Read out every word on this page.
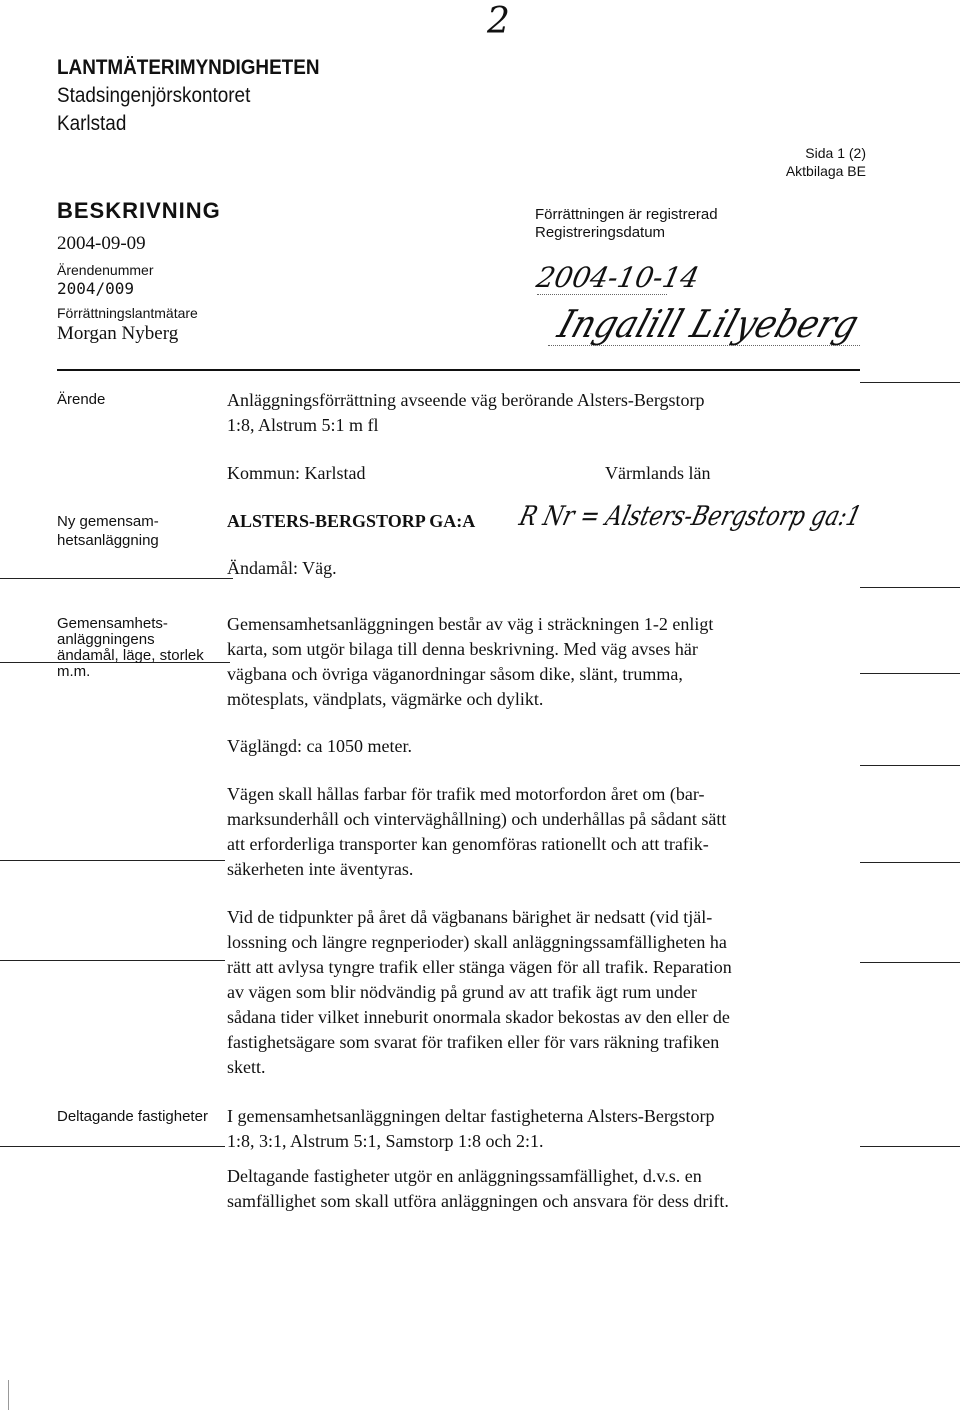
2
LANTMÄTERIMYNDIGHETEN
Stadsingenjörskontoret
Karlstad
Sida 1 (2)
Aktbilaga BE
BESKRIVNING
2004-09-09
Ärendenummer
2004/009
Förrättningslantmätare
Morgan Nyberg
Förrättningen är registrerad
Registreringsdatum
2004-10-14
Ingalill Lilyeberg
Ärende	Anläggningsförrättning avseende väg berörande Alsters-Bergstorp
1:8, Alstrum 5:1 m fl
Kommun: Karlstad	Värmlands län
Ny gemensam-
hetsanläggning
ALSTERS-BERGSTORP GA:A R Nr = Alsters-Bergstorp ga:1
Ändamål: Väg.
Gemensamhets-
anläggningens
ändamål, läge, storlek
m.m.
Gemensamhetsanläggningen består av väg i sträckningen 1-2 enligt
karta, som utgör bilaga till denna beskrivning. Med väg avses här
vägbana och övriga väganordningar såsom dike, slänt, trumma,
mötesplats, vändplats, vägmärke och dylikt.
Väglängd: ca 1050 meter.
Vägen skall hållas farbar för trafik med motorfordon året om (bar-
marksunderhåll och vinterväghållning) och underhållas på sådant sätt
att erforderliga transporter kan genomföras rationellt och att trafik-
säkerheten inte äventyras.
Vid de tidpunkter på året då vägbanans bärighet är nedsatt (vid tjäl-
lossning och längre regnperioder) skall anläggningssamfälligheten ha
rätt att avlysa tyngre trafik eller stänga vägen för all trafik. Reparation
av vägen som blir nödvändig på grund av att trafik ägt rum under
sådana tider vilket inneburit onormala skador bekostas av den eller de
fastighetsägare som svarat för trafiken eller för vars räkning trafiken
skett.
Deltagande fastigheter I gemensamhetsanläggningen deltar fastigheterna Alsters-Bergstorp
1:8, 3:1, Alstrum 5:1, Samstorp 1:8 och 2:1.
Deltagande fastigheter utgör en anläggningssamfällighet, d.v.s. en
samfällighet som skall utföra anläggningen och ansvara för dess drift.
